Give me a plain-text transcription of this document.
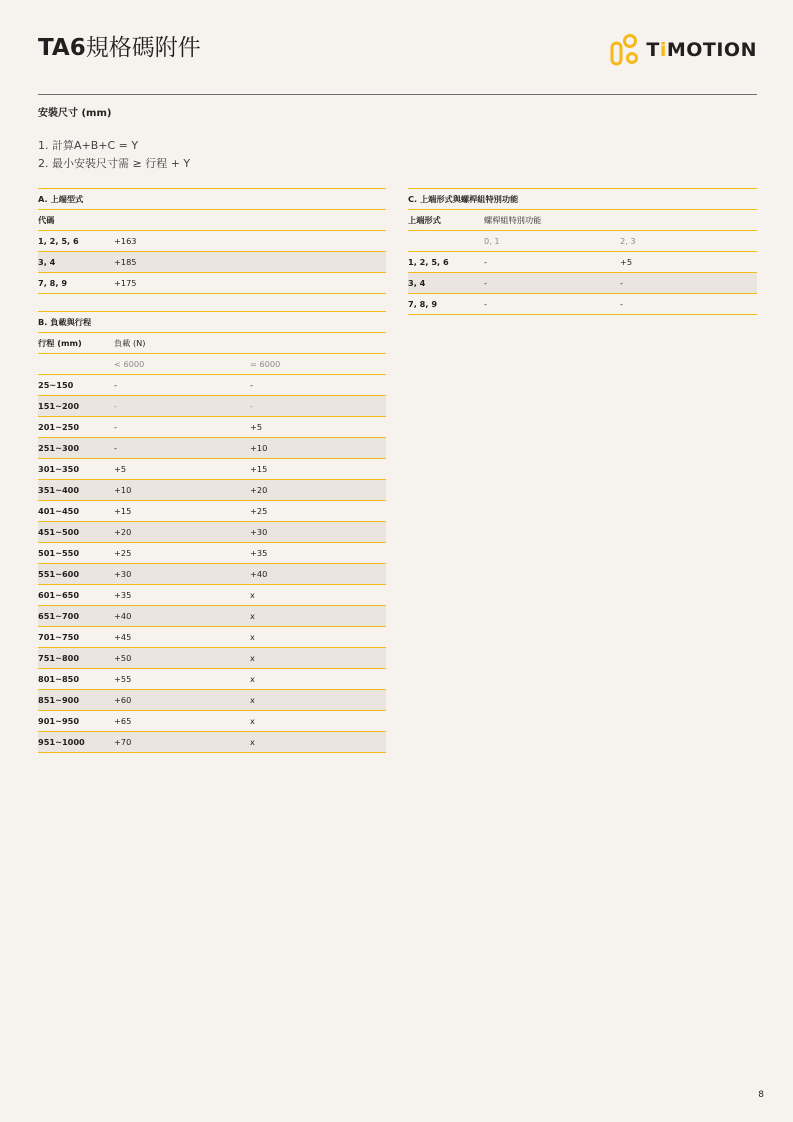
TA6規格碼附件	TiMOTION
安裝尺寸 (mm)
1. 計算A+B+C = Y
2. 最小安裝尺寸需 ≥ 行程 + Y
A. 上端型式		
代碼		
1, 2, 5, 6	+163	
3, 4	+185	
7, 8, 9	+175	
B. 負載與行程		
行程 (mm)	負載 (N)	
	< 6000	= 6000
25~150	-	-
151~200	-	-
201~250	-	+5
251~300	-	+10
301~350	+5	+15
351~400	+10	+20
401~450	+15	+25
451~500	+20	+30
501~550	+25	+35
551~600	+30	+40
601~650	+35	x
651~700	+40	x
701~750	+45	x
751~800	+50	x
801~850	+55	x
851~900	+60	x
901~950	+65	x
951~1000	+70	x
C. 上端形式與螺桿組特別功能		
上端形式	螺桿組特別功能	
	0, 1	2, 3
1, 2, 5, 6	-	+5
3, 4	-	-
7, 8, 9	-	-
8
